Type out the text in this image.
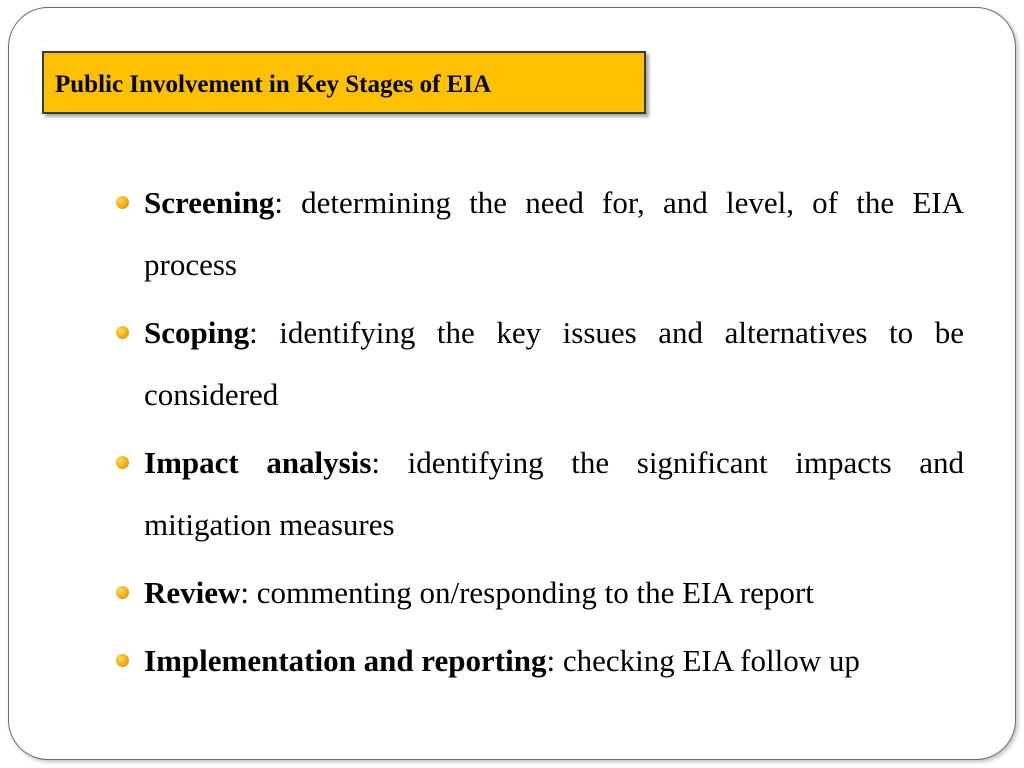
Public Involvement in Key Stages of EIA
Screening: determining the need for, and level, of the EIA process
Scoping: identifying the key issues and alternatives to be considered
Impact analysis: identifying the significant impacts and mitigation measures
Review: commenting on/responding to the EIA report
Implementation and reporting: checking EIA follow up
